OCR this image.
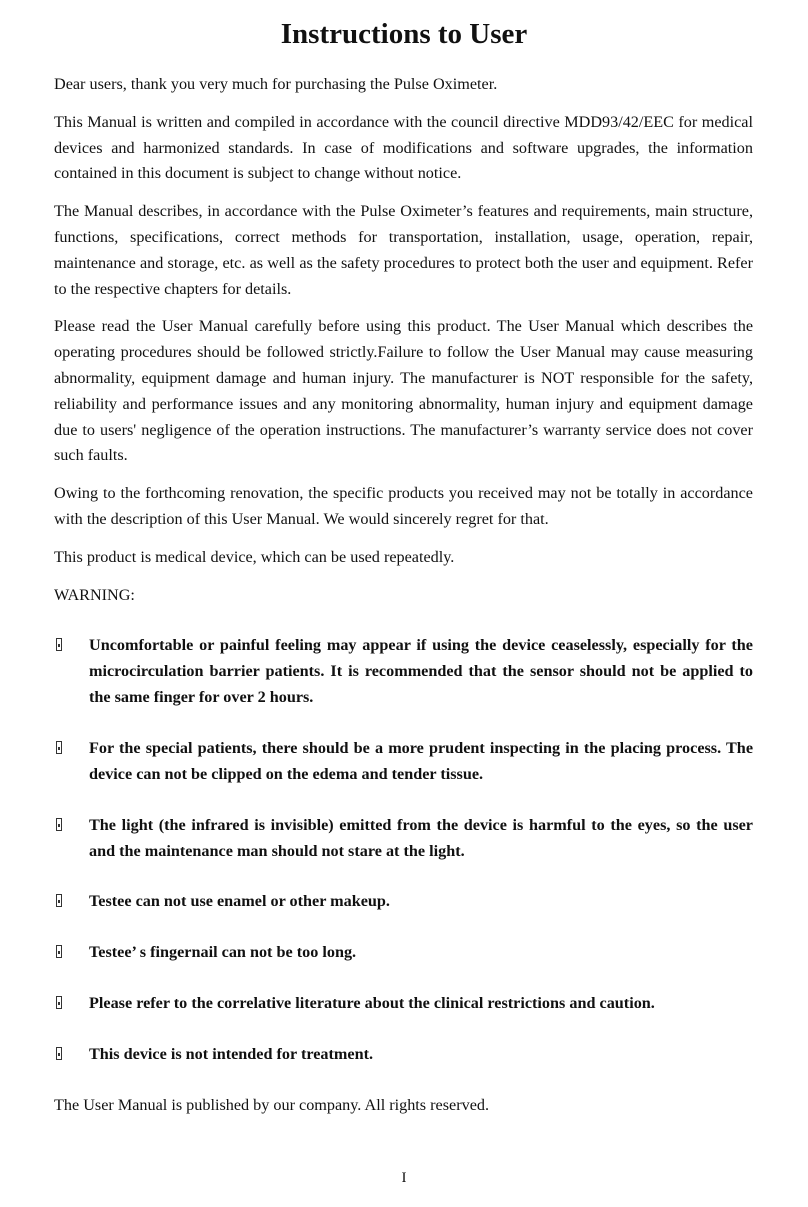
Instructions to User

Dear users, thank you very much for purchasing the Pulse Oximeter.

This Manual is written and compiled in accordance with the council directive MDD93/42/EEC for medical devices and harmonized standards. In case of modifications and software upgrades, the information contained in this document is subject to change without notice.

The Manual describes, in accordance with the Pulse Oximeter’s features and requirements, main structure, functions, specifications, correct methods for transportation, installation, usage, operation, repair, maintenance and storage, etc. as well as the safety procedures to protect both the user and equipment. Refer to the respective chapters for details.

Please read the User Manual carefully before using this product. The User Manual which describes the operating procedures should be followed strictly.Failure to follow the User Manual may cause measuring abnormality, equipment damage and human injury. The manufacturer is NOT responsible for the safety, reliability and performance issues and any monitoring abnormality, human injury and equipment damage due to users' negligence of the operation instructions. The manufacturer’s warranty service does not cover such faults.

Owing to the forthcoming renovation, the specific products you received may not be totally in accordance with the description of this User Manual. We would sincerely regret for that.

This product is medical device, which can be used repeatedly.

WARNING:

Uncomfortable or painful feeling may appear if using the device ceaselessly, especially for the microcirculation barrier patients. It is recommended that the sensor should not be applied to the same finger for over 2 hours.
For the special patients, there should be a more prudent inspecting in the placing process. The device can not be clipped on the edema and tender tissue.
The light (the infrared is invisible) emitted from the device is harmful to the eyes, so the user and the maintenance man should not stare at the light.
Testee can not use enamel or other makeup.
Testee’ s fingernail can not be too long.
Please refer to the correlative literature about the clinical restrictions and caution.
This device is not intended for treatment.

The User Manual is published by our company. All rights reserved.

I
